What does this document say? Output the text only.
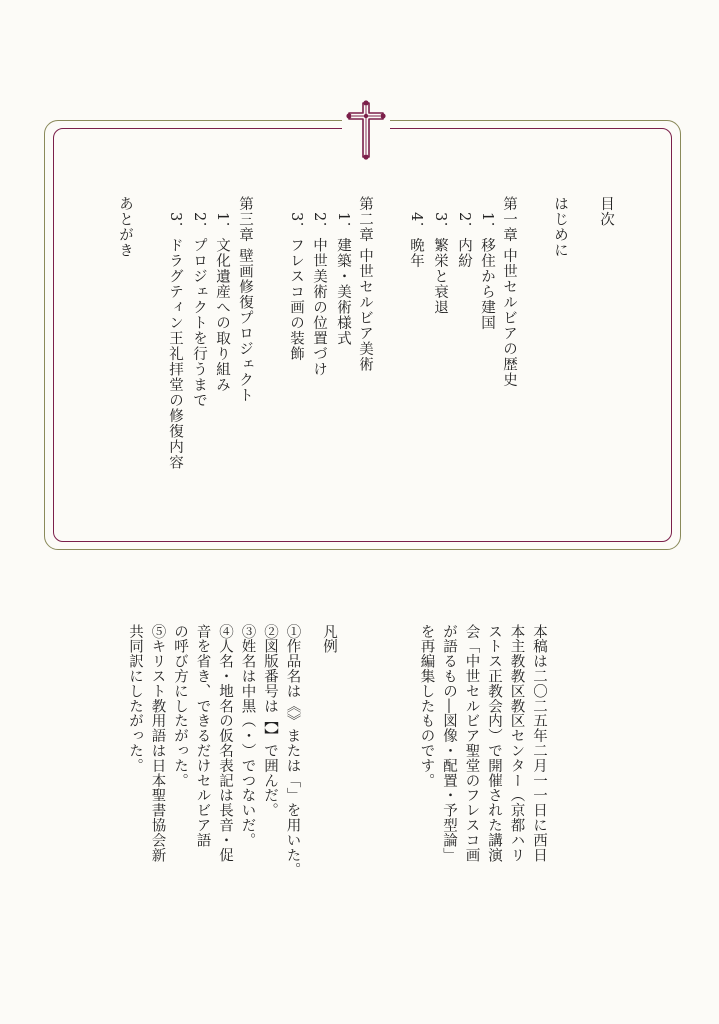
目次
はじめに
第一章 中世セルビアの歴史
1．移住から建国
2．内紛
3．繁栄と衰退
4．晩年
第二章 中世セルビア美術
1．建築・美術様式
2．中世美術の位置づけ
3．フレスコ画の装飾
第三章 壁画修復プロジェクト
1．文化遺産への取り組み
2．プロジェクトを行うまで
3．ドラグティン王礼拝堂の修復内容
あとがき
本稿は二〇二五年二月一一日に西日
本主教教区教区センター（京都ハリ
ストス正教会内）で開催された講演
会「中世セルビア聖堂のフレスコ画
が語るもの―図像・配置・予型論」
を再編集したものです。
凡例
①作品名は《》または「」を用いた。
②図版番号は【】で囲んだ。
③姓名は中黒（・）でつないだ。
④人名・地名の仮名表記は長音・促
音を省き、できるだけセルビア語
の呼び方にしたがった。
⑤キリスト教用語は日本聖書協会新
共同訳にしたがった。
